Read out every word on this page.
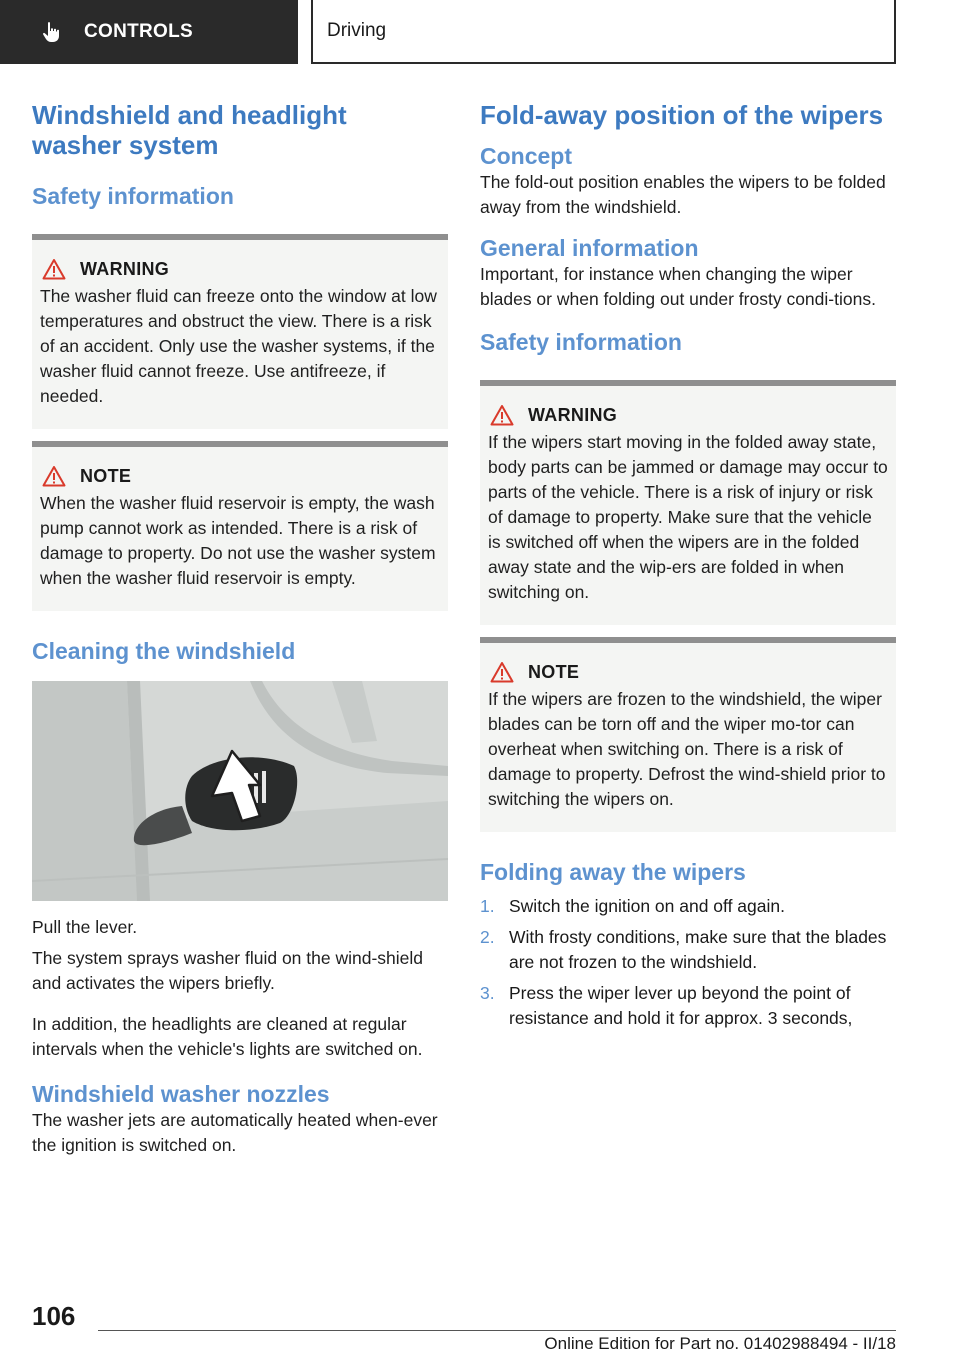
CONTROLS	Driving
Windshield and headlight washer system
Safety information
WARNING

The washer fluid can freeze onto the window at low temperatures and obstruct the view. There is a risk of an accident. Only use the washer systems, if the washer fluid cannot freeze. Use antifreeze, if needed.

NOTE

When the washer fluid reservoir is empty, the wash pump cannot work as intended. There is a risk of damage to property. Do not use the washer system when the washer fluid reservoir is empty.

Cleaning the windshield

Pull the lever.

The system sprays washer fluid on the wind-shield and activates the wipers briefly.

In addition, the headlights are cleaned at regular intervals when the vehicle's lights are switched on.

Windshield washer nozzles

The washer jets are automatically heated when-ever the ignition is switched on.

Fold-away position of the wipers
Concept

The fold-out position enables the wipers to be folded away from the windshield.

General information

Important, for instance when changing the wiper blades or when folding out under frosty condi-tions.

Safety information
WARNING

If the wipers start moving in the folded away state, body parts can be jammed or damage may occur to parts of the vehicle. There is a risk of injury or risk of damage to property. Make sure that the vehicle is switched off when the wipers are in the folded away state and the wip-ers are folded in when switching on.

NOTE

If the wipers are frozen to the windshield, the wiper blades can be torn off and the wiper mo-tor can overheat when switching on. There is a risk of damage to property. Defrost the wind-shield prior to switching the wipers on.

Folding away the wipers
1. Switch the ignition on and off again.
2. With frosty conditions, make sure that the blades are not frozen to the windshield.
3. Press the wiper lever up beyond the point of resistance and hold it for approx. 3 seconds,
106
Online Edition for Part no. 01402988494 - II/18
